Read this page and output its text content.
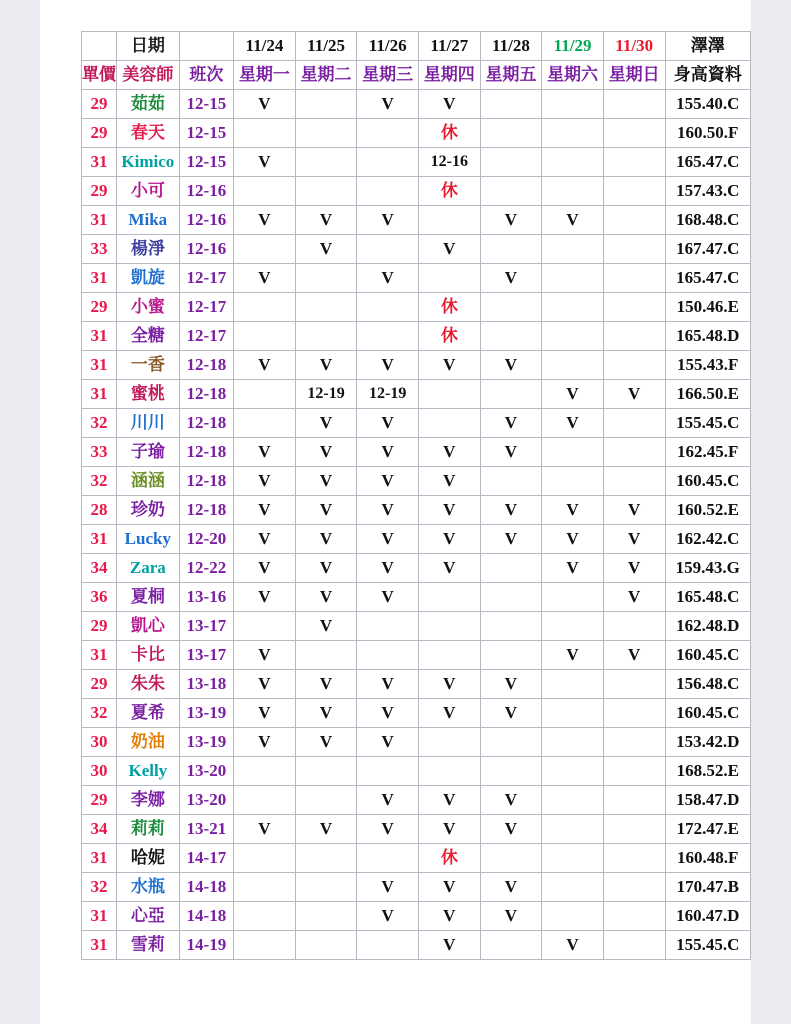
	日期		11/24	11/25	11/26	11/27	11/28	11/29	11/30	澤澤
單價	美容師	班次	星期一	星期二	星期三	星期四	星期五	星期六	星期日	身高資料
29	茹茹	12-15	V		V	V				155.40.C
29	春天	12-15				休				160.50.F
31	Kimico	12-15	V			12-16				165.47.C
29	小可	12-16				休				157.43.C
31	Mika	12-16	V	V	V		V	V		168.48.C
33	楊淨	12-16		V		V				167.47.C
31	凱旋	12-17	V		V		V			165.47.C
29	小蜜	12-17				休				150.46.E
31	全糖	12-17				休				165.48.D
31	一香	12-18	V	V	V	V	V			155.43.F
31	蜜桃	12-18		12-19	12-19			V	V	166.50.E
32	川川	12-18		V	V		V	V		155.45.C
33	子瑜	12-18	V	V	V	V	V			162.45.F
32	涵涵	12-18	V	V	V	V				160.45.C
28	珍奶	12-18	V	V	V	V	V	V	V	160.52.E
31	Lucky	12-20	V	V	V	V	V	V	V	162.42.C
34	Zara	12-22	V	V	V	V		V	V	159.43.G
36	夏桐	13-16	V	V	V				V	165.48.C
29	凱心	13-17		V						162.48.D
31	卡比	13-17	V					V	V	160.45.C
29	朱朱	13-18	V	V	V	V	V			156.48.C
32	夏希	13-19	V	V	V	V	V			160.45.C
30	奶油	13-19	V	V	V					153.42.D
30	Kelly	13-20								168.52.E
29	李娜	13-20			V	V	V			158.47.D
34	莉莉	13-21	V	V	V	V	V			172.47.E
31	哈妮	14-17				休				160.48.F
32	水瓶	14-18			V	V	V			170.47.B
31	心亞	14-18			V	V	V			160.47.D
31	雪莉	14-19				V		V		155.45.C
